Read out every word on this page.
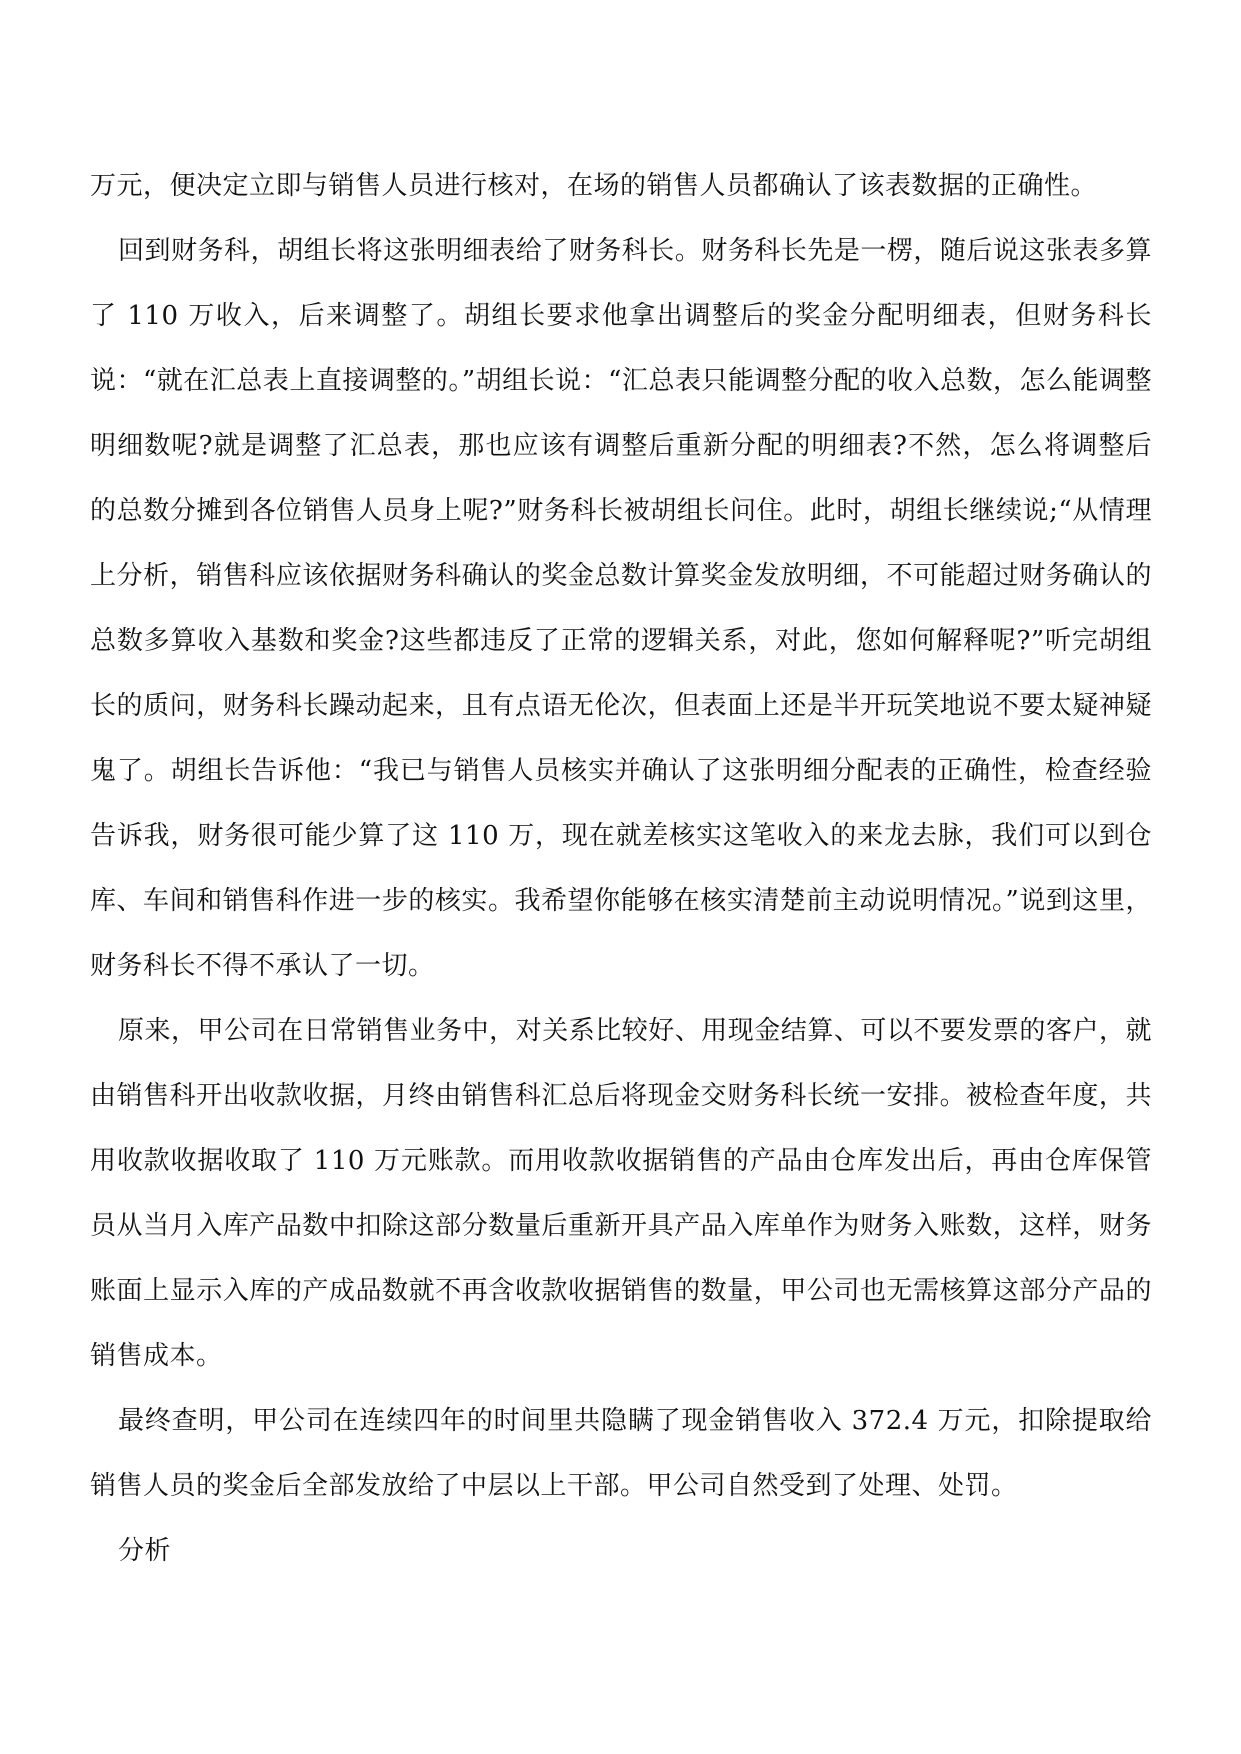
万元，便决定立即与销售人员进行核对，在场的销售人员都确认了该表数据的正确性。

回到财务科，胡组长将这张明细表给了财务科长。财务科长先是一楞，随后说这张表多算了 110 万收入，后来调整了。胡组长要求他拿出调整后的奖金分配明细表，但财务科长说：“就在汇总表上直接调整的。”胡组长说：“汇总表只能调整分配的收入总数，怎么能调整明细数呢?就是调整了汇总表，那也应该有调整后重新分配的明细表?不然，怎么将调整后的总数分摊到各位销售人员身上呢?”财务科长被胡组长问住。此时，胡组长继续说;“从情理上分析，销售科应该依据财务科确认的奖金总数计算奖金发放明细，不可能超过财务确认的总数多算收入基数和奖金?这些都违反了正常的逻辑关系，对此，您如何解释呢?”听完胡组长的质问，财务科长躁动起来，且有点语无伦次，但表面上还是半开玩笑地说不要太疑神疑鬼了。胡组长告诉他：“我已与销售人员核实并确认了这张明细分配表的正确性，检查经验告诉我，财务很可能少算了这 110 万，现在就差核实这笔收入的来龙去脉，我们可以到仓库、车间和销售科作进一步的核实。我希望你能够在核实清楚前主动说明情况。”说到这里，财务科长不得不承认了一切。

原来，甲公司在日常销售业务中，对关系比较好、用现金结算、可以不要发票的客户，就由销售科开出收款收据，月终由销售科汇总后将现金交财务科长统一安排。被检查年度，共用收款收据收取了 110 万元账款。而用收款收据销售的产品由仓库发出后，再由仓库保管员从当月入库产品数中扣除这部分数量后重新开具产品入库单作为财务入账数，这样，财务账面上显示入库的产成品数就不再含收款收据销售的数量，甲公司也无需核算这部分产品的销售成本。

最终查明，甲公司在连续四年的时间里共隐瞒了现金销售收入 372.4 万元，扣除提取给销售人员的奖金后全部发放给了中层以上干部。甲公司自然受到了处理、处罚。

分析
